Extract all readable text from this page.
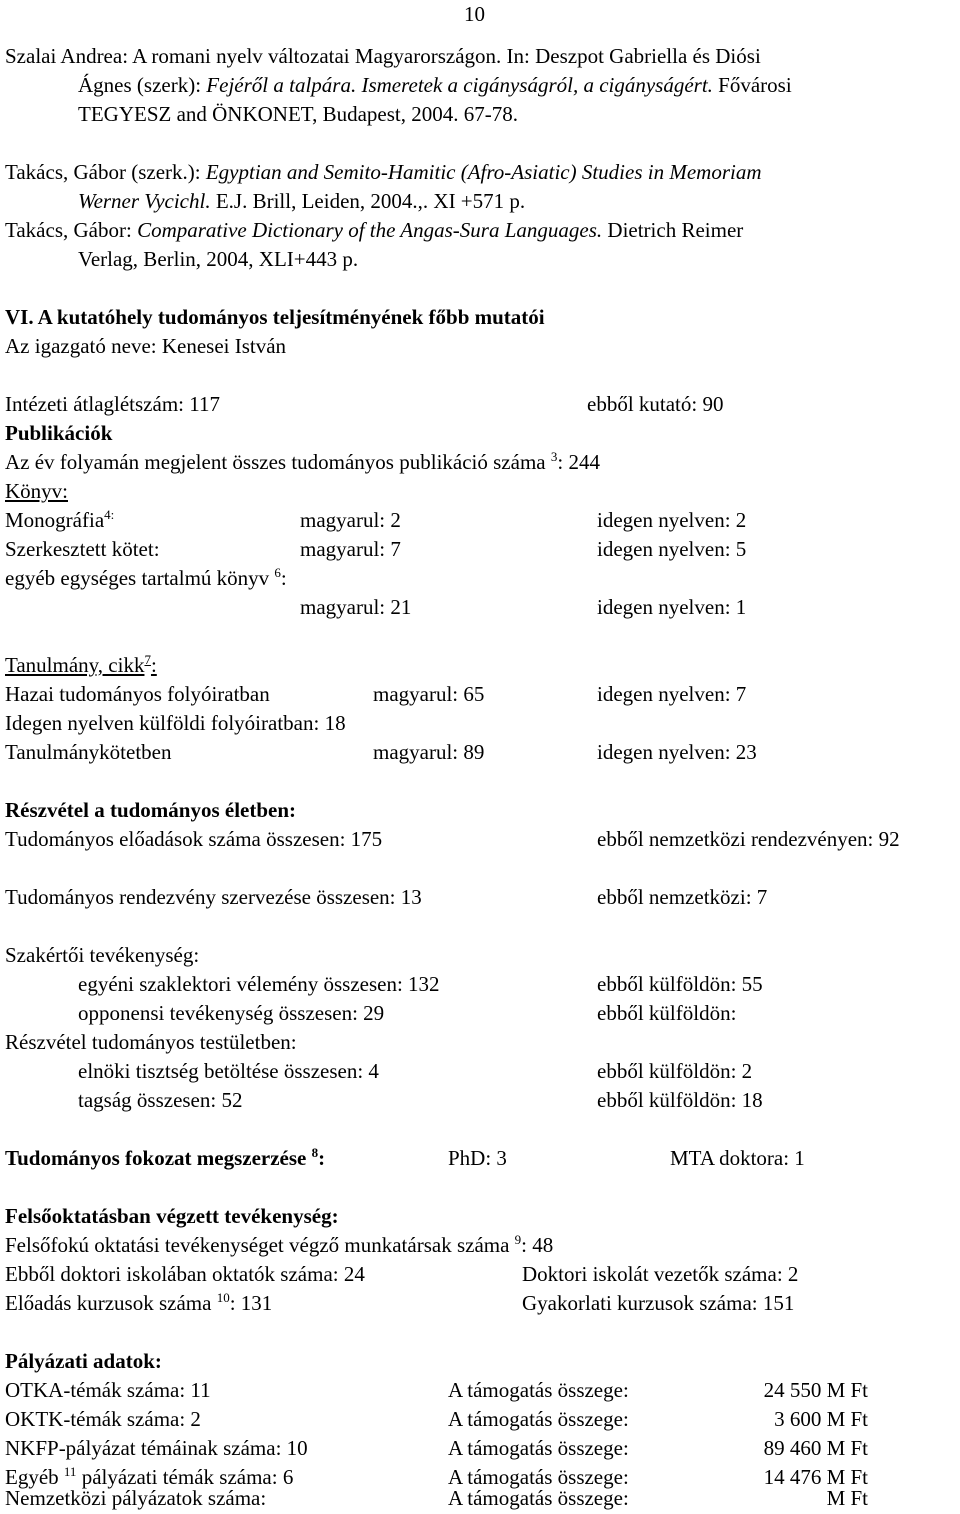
10
Szalai Andrea: A romani nyelv változatai Magyarországon. In: Deszpot Gabriella és Diósi
Ágnes (szerk): Fejéről a talpára. Ismeretek a cigányságról, a cigányságért. Fővárosi
TEGYESZ and ÖNKONET, Budapest, 2004. 67-78.
Takács, Gábor (szerk.): Egyptian and Semito-Hamitic (Afro-Asiatic) Studies in Memoriam
Werner Vycichl. E.J. Brill, Leiden, 2004.,. XI +571 p.
Takács, Gábor: Comparative Dictionary of the Angas-Sura Languages. Dietrich Reimer
Verlag, Berlin, 2004, XLI+443 p.
VI. A kutatóhely tudományos teljesítményének főbb mutatói
Az igazgató neve: Kenesei István
Intézeti átlaglétszám: 117	ebből kutató: 90
Publikációk
Az év folyamán megjelent összes tudományos publikáció száma $^3$: 244
Könyv:
Monográfia$^{4:}$	magyarul: 2	idegen nyelven: 2
Szerkesztett kötet:	magyarul: 7	idegen nyelven: 5
egyéb egységes tartalmú könyv $^6$:
magyarul: 21	idegen nyelven: 1
Tanulmány, cikk$^7$:
Hazai tudományos folyóiratban	magyarul: 65	idegen nyelven: 7
Idegen nyelven külföldi folyóiratban: 18
Tanulmánykötetben	magyarul: 89	idegen nyelven: 23
Részvétel a tudományos életben:
Tudományos előadások száma összesen: 175	ebből nemzetközi rendezvényen: 92
Tudományos rendezvény szervezése összesen: 13	ebből nemzetközi: 7
Szakértői tevékenység:
egyéni szaklektori vélemény összesen: 132	ebből külföldön: 55
opponensi tevékenység összesen: 29	ebből külföldön:
Részvétel tudományos testületben:
elnöki tisztség betöltése összesen: 4	ebből külföldön: 2
tagság összesen: 52	ebből külföldön: 18
Tudományos fokozat megszerzése $^8$:	PhD: 3	MTA doktora: 1
Felsőoktatásban végzett tevékenység:
Felsőfokú oktatási tevékenységet végző munkatársak száma $^9$: 48
Ebből doktori iskolában oktatók száma: 24	Doktori iskolát vezetők száma: 2
Előadás kurzusok száma $^{10}$: 131	Gyakorlati kurzusok száma: 151
Pályázati adatok:
OTKA-témák száma: 11	A támogatás összege:	24 550 M Ft
OKTK-témák száma: 2	A támogatás összege:	3 600 M Ft
NKFP-pályázat témáinak száma: 10	A támogatás összege:	89 460 M Ft
Egyéb $^{11}$ pályázati témák száma: 6	A támogatás összege:	14 476 M Ft
Nemzetközi pályázatok száma:	A támogatás összege:	M Ft
